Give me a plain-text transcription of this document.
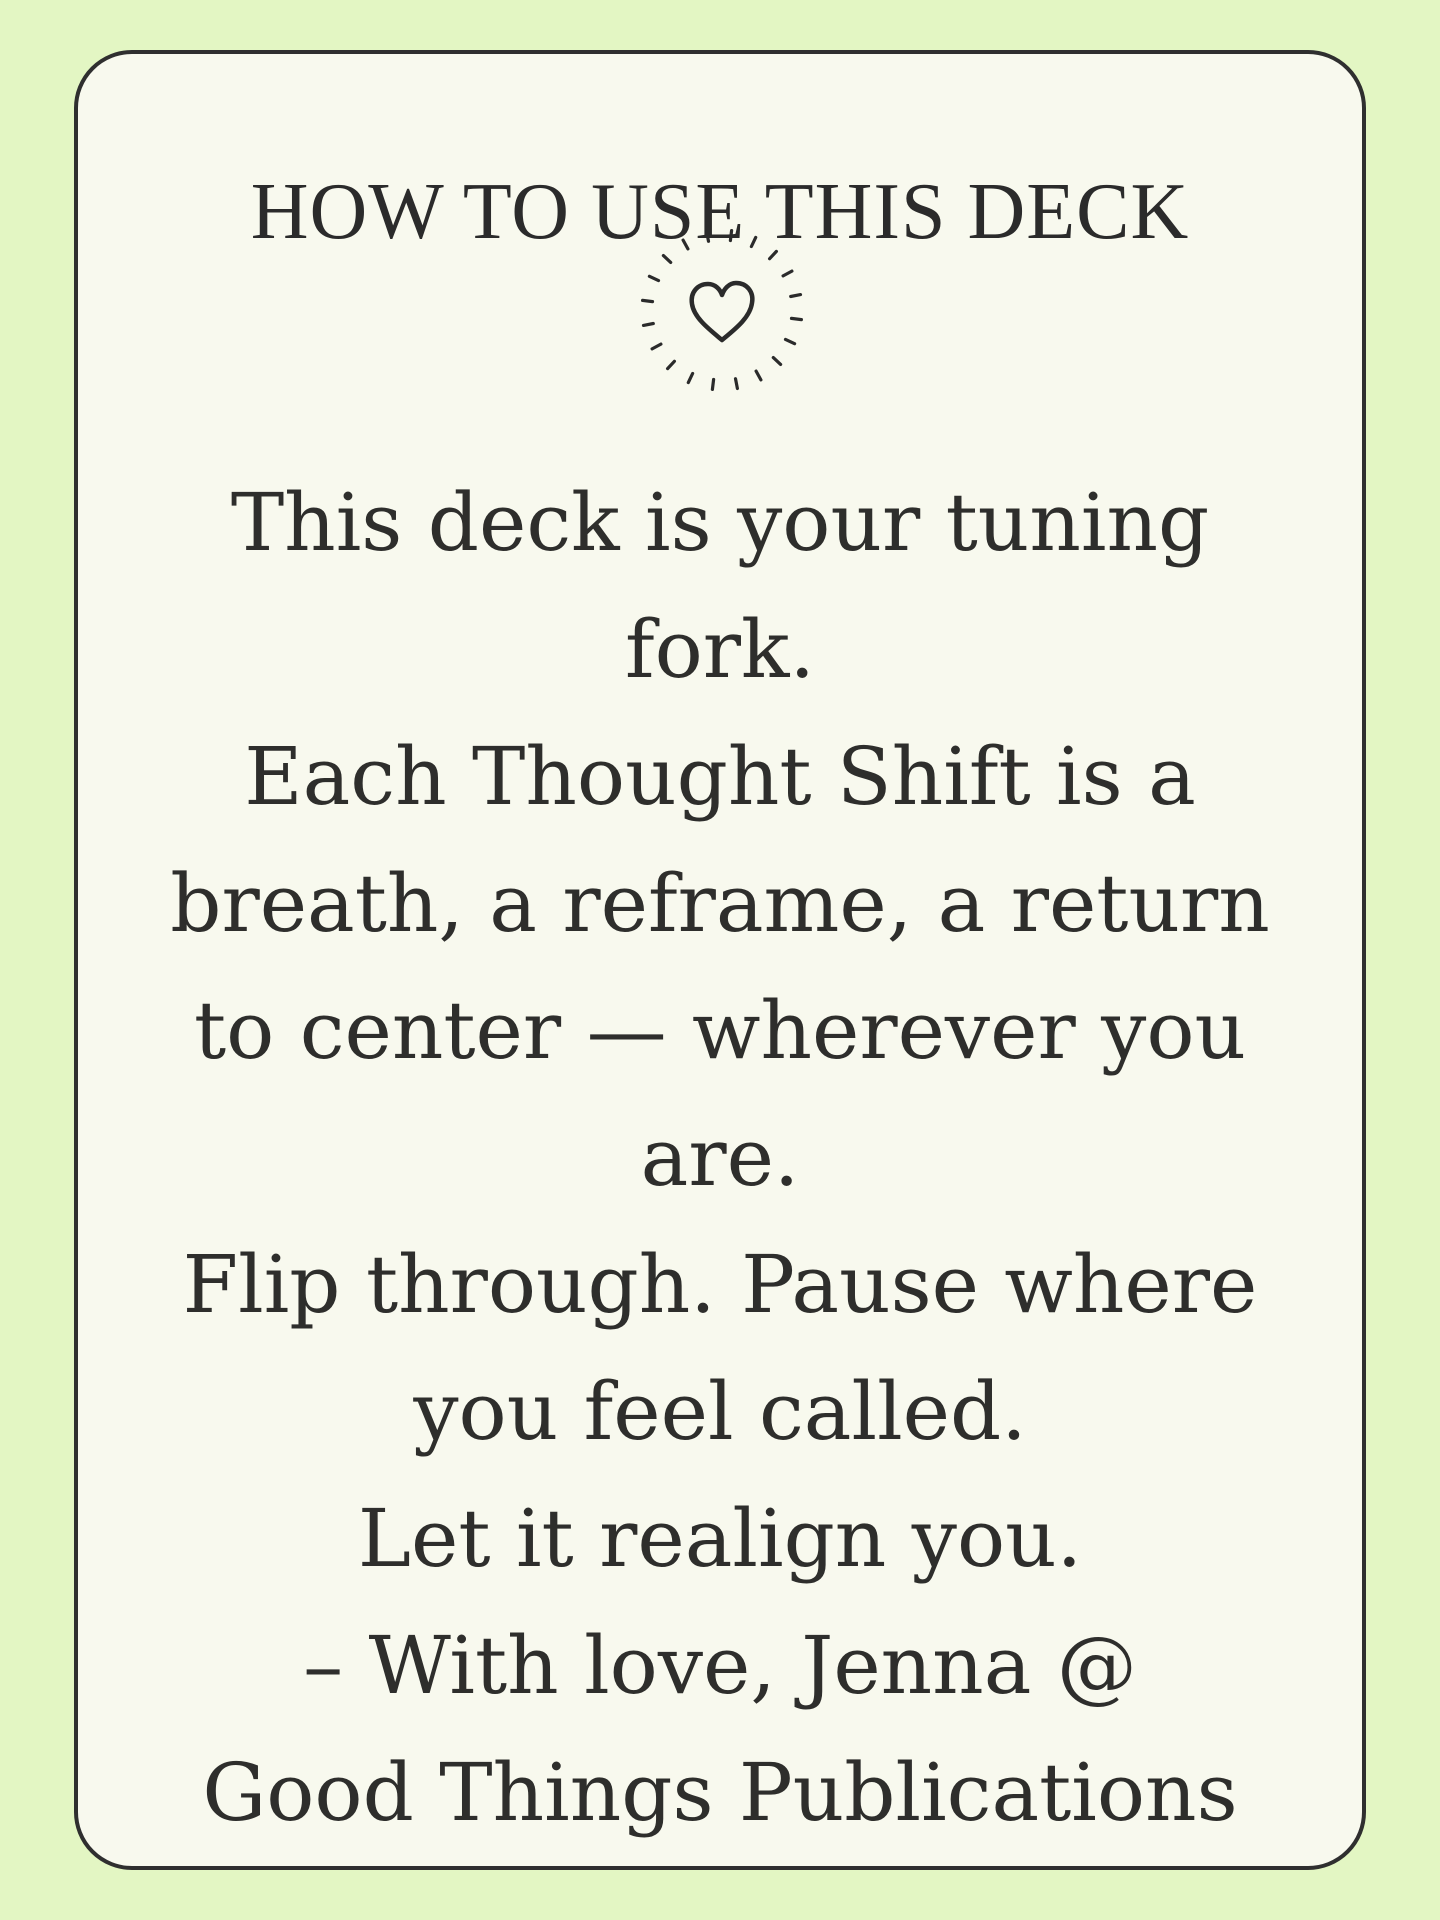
HOW TO USE THIS DECK
This deck is your tuning
fork.
Each Thought Shift is a
breath, a reframe, a return
to center — wherever you
are.
Flip through. Pause where
you feel called.
Let it realign you.
– With love, Jenna @
Good Things Publications
